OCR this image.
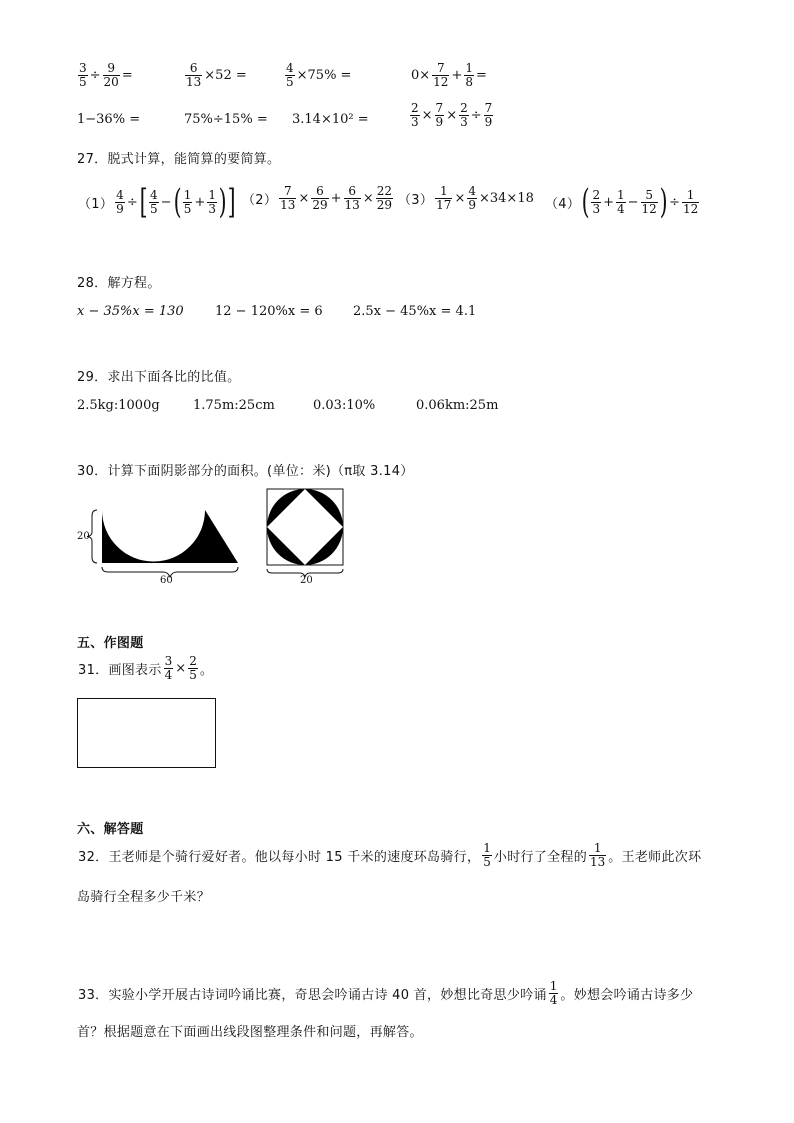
$\frac{3}{5} \div \frac{9}{20}$ =	$\frac{6}{13} \times 52$ =	$\frac{4}{5} \times 75\%$ =	$0\times \frac{7}{12} + \frac{1}{8}$ =
1−36% =	75%÷15% = 3.14×10² =	$\frac{2}{3} \times \frac{7}{9} \times \frac{2}{3} \div \frac{7}{9}$
27．脱式计算，能简算的要简算。
$(1) \frac{4}{9}$ ÷[ $\frac{4}{5}$ −( $\frac{1}{5} + \frac{1}{3}$ )] $(2) \frac{7}{13} \times \frac{6}{29} + \frac{6}{13} \times \frac{22}{29} (3) \frac{1}{17} \times \frac{4}{9} \times 34\times 18$ $(4)( \frac{2}{3} + \frac{1}{4} - \frac{5}{12}$ ) ÷ $\frac{1}{12}$
28．解方程。
x − 35%x = 130 12 − 120%x = 6 2.5x − 45%x = 4.1
29．求出下面各比的比值。
2.5kg:1000g	1.75m:25cm	0.03:10%	0.06km:25m
30．计算下面阴影部分的面积。(单位：米)（π取 3.14）
20
60	20
五、作图题
31．画图表示 $\frac{3}{4} \times \frac{2}{5}$ 。
六、解答题
32．王老师是个骑行爱好者。他以每小时 15 千米的速度环岛骑行， $\frac{1}{5}$ 小时行了全程的 $\frac{1}{13}$ 。王老师此次环
岛骑行全程多少千米？
33．实验小学开展古诗词吟诵比赛，奇思会吟诵古诗 40 首，妙想比奇思少吟诵 $\frac{1}{4}$ 。妙想会吟诵古诗多少
首？根据题意在下面画出线段图整理条件和问题，再解答。
